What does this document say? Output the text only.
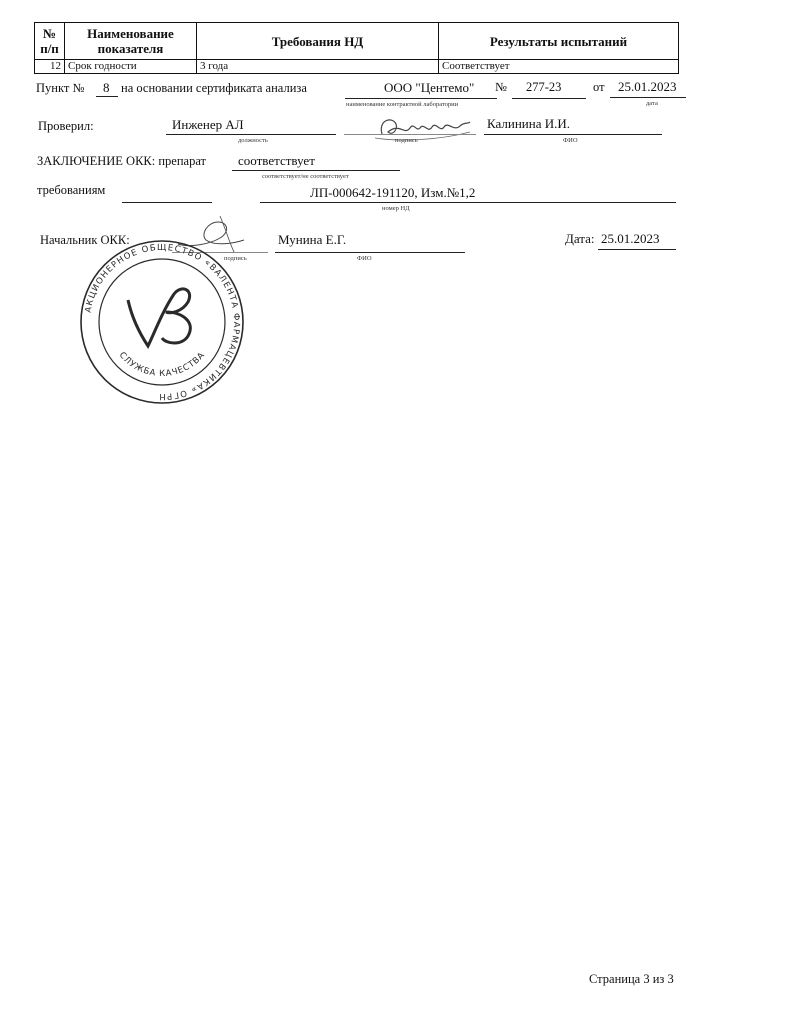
№ п/п	Наименование показателя	Требования НД	Результаты испытаний
12	Срок годности	3 года	Соответствует
Пункт № 8 на основании сертификата анализа	ООО "Центемо"
наименование контрактной лаборатории
№ 277-23	от 25.01.2023
дата
Проверил:	Инженер АЛ
должность	подпись
Калинина И.И.
ФИО
ЗАКЛЮЧЕНИЕ ОКК: препарат соответствует
соответствует/не соответствует
требованиям	ЛП-000642-191120, Изм.№1,2
номер НД
Начальник ОКК:
подпись
Мунина Е.Г.
ФИО
Дата: 25.01.2023
АКЦИОНЕРНОЕ ОБЩЕСТВО «ВАЛЕНТА ФАРМАЦЕВТИКА» ОГРН
СЛУЖБА КАЧЕСТВА
Страница 3 из 3
